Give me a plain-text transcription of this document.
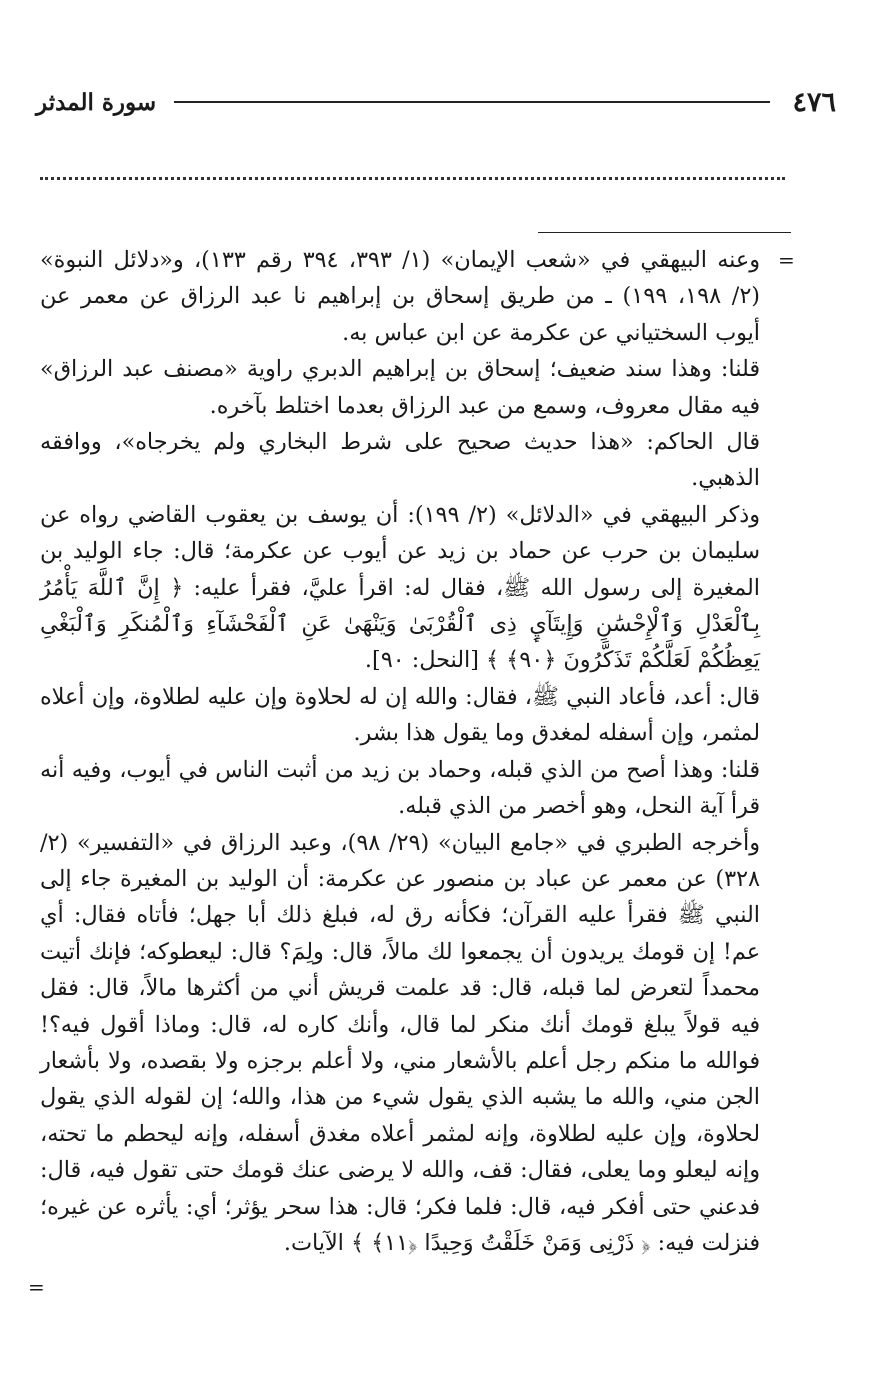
٤٧٦
سورة المدثر
=

وعنه البيهقي في «شعب الإيمان» (١/ ٣٩٣، ٣٩٤ رقم ١٣٣)، و«دلائل النبوة» (٢/ ١٩٨، ١٩٩) ـ من طريق إسحاق بن إبراهيم نا عبد الرزاق عن معمر عن أيوب السختياني عن عكرمة عن ابن عباس به.

قلنا: وهذا سند ضعيف؛ إسحاق بن إبراهيم الدبري راوية «مصنف عبد الرزاق» فيه مقال معروف، وسمع من عبد الرزاق بعدما اختلط بآخره.

قال الحاكم: «هذا حديث صحيح على شرط البخاري ولم يخرجاه»، ووافقه الذهبي.

وذكر البيهقي في «الدلائل» (٢/ ١٩٩): أن يوسف بن يعقوب القاضي رواه عن سليمان بن حرب عن حماد بن زيد عن أيوب عن عكرمة؛ قال: جاء الوليد بن المغيرة إلى رسول الله ﷺ، فقال له: اقرأ عليَّ، فقرأ عليه: ﴿ إِنَّ ٱللَّهَ يَأْمُرُ بِٱلْعَدْلِ وَٱلْإِحْسَٰنِ وَإِيتَآيِٕ ذِى ٱلْقُرْبَىٰ وَيَنْهَىٰ عَنِ ٱلْفَحْشَآءِ وَٱلْمُنكَرِ وَٱلْبَغْىِ يَعِظُكُمْ لَعَلَّكُمْ تَذَكَّرُونَ ﴿٩٠﴾ ﴾ [النحل: ٩٠].

قال: أعد، فأعاد النبي ﷺ، فقال: والله إن له لحلاوة وإن عليه لطلاوة، وإن أعلاه لمثمر، وإن أسفله لمغدق وما يقول هذا بشر.

قلنا: وهذا أصح من الذي قبله، وحماد بن زيد من أثبت الناس في أيوب، وفيه أنه قرأ آية النحل، وهو أخصر من الذي قبله.

وأخرجه الطبري في «جامع البيان» (٢٩/ ٩٨)، وعبد الرزاق في «التفسير» (٢/ ٣٢٨) عن معمر عن عباد بن منصور عن عكرمة: أن الوليد بن المغيرة جاء إلى النبي ﷺ فقرأ عليه القرآن؛ فكأنه رق له، فبلغ ذلك أبا جهل؛ فأتاه فقال: أي عم! إن قومك يريدون أن يجمعوا لك مالاً، قال: ولِمَ؟ قال: ليعطوكه؛ فإنك أتيت محمداً لتعرض لما قبله، قال: قد علمت قريش أني من أكثرها مالاً، قال: فقل فيه قولاً يبلغ قومك أنك منكر لما قال، وأنك كاره له، قال: وماذا أقول فيه؟! فوالله ما منكم رجل أعلم بالأشعار مني، ولا أعلم برجزه ولا بقصده، ولا بأشعار الجن مني، والله ما يشبه الذي يقول شيء من هذا، والله؛ إن لقوله الذي يقول لحلاوة، وإن عليه لطلاوة، وإنه لمثمر أعلاه مغدق أسفله، وإنه ليحطم ما تحته، وإنه ليعلو وما يعلى، فقال: قف، والله لا يرضى عنك قومك حتى تقول فيه، قال: فدعني حتى أفكر فيه، قال: فلما فكر؛ قال: هذا سحر يؤثر؛ أي: يأثره عن غيره؛ فنزلت فيه: ﴿ ذَرْنِى وَمَنْ خَلَقْتُ وَحِيدًا ﴿١١﴾ ﴾ الآيات.

=
